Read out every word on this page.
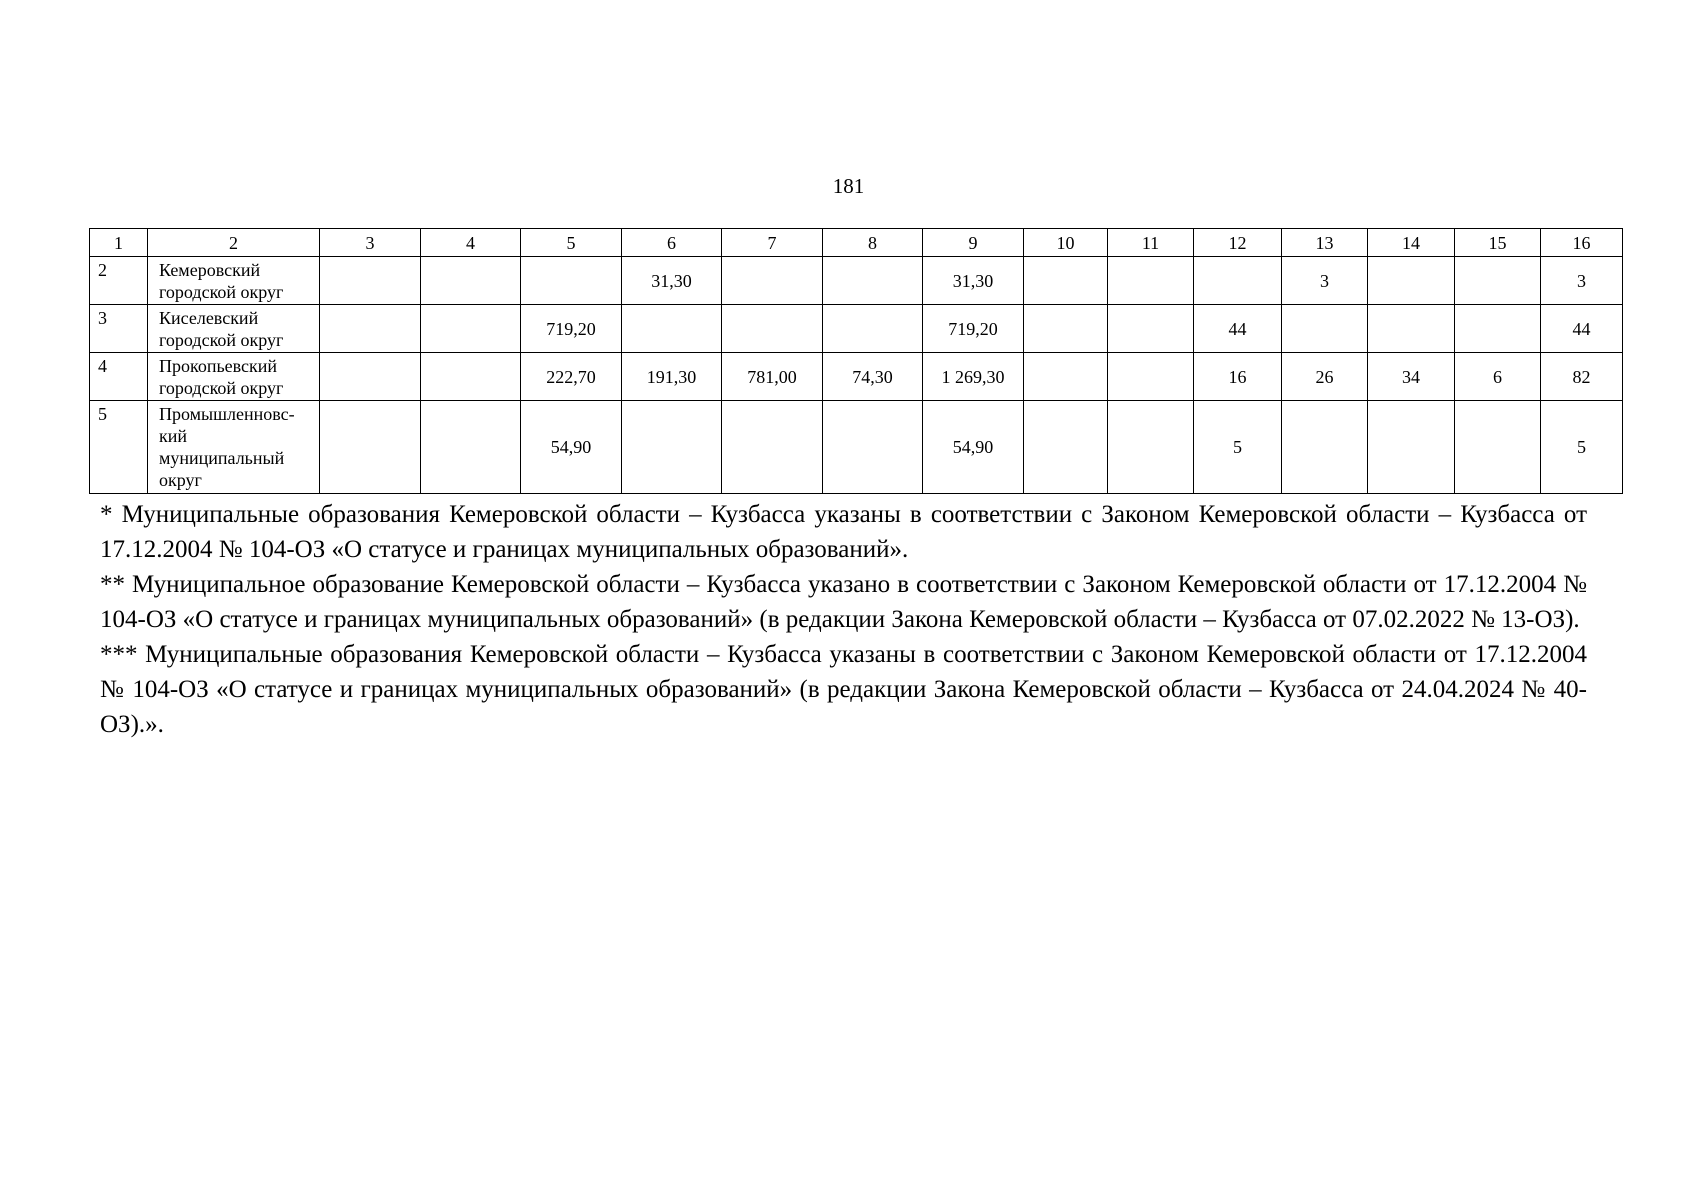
181
1	2	3	4	5	6	7	8	9	10	11	12	13	14	15	16
2	Кемеровский городской округ				31,30			31,30				3			3
3	Киселевский городской округ			719,20				719,20			44				44
4	Прокопьевский городской округ			222,70	191,30	781,00	74,30	1 269,30			16	26	34	6	82
5	Промышленновс-кий муниципальный округ			54,90				54,90			5				5

* Муниципальные образования Кемеровской области – Кузбасса указаны в соответствии с Законом Кемеровской области – Кузбасса от 17.12.2004 № 104-ОЗ «О статусе и границах муниципальных образований».

** Муниципальное образование Кемеровской области – Кузбасса указано в соответствии с Законом Кемеровской области от 17.12.2004 № 104-ОЗ «О статусе и границах муниципальных образований» (в редакции Закона Кемеровской области – Кузбасса от 07.02.2022 № 13-ОЗ).

*** Муниципальные образования Кемеровской области – Кузбасса указаны в соответствии с Законом Кемеровской области от 17.12.2004 № 104-ОЗ «О статусе и границах муниципальных образований» (в редакции Закона Кемеровской области – Кузбасса от 24.04.2024 № 40-ОЗ).».
